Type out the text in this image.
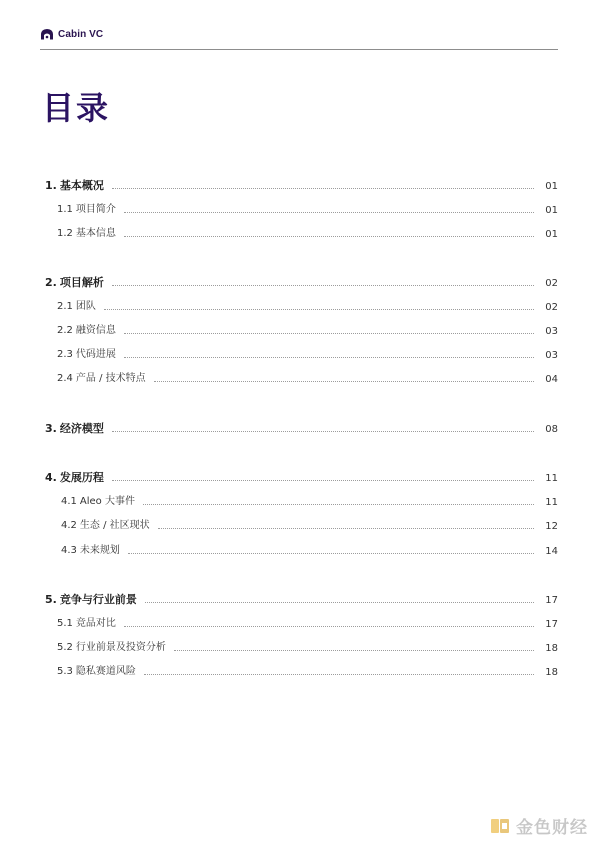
Cabin VC
目录
1. 基本概况	01
1.1 项目简介	01
1.2 基本信息	01
2. 项目解析	02
2.1 团队	02
2.2 融资信息	03
2.3 代码进展	03
2.4 产品 / 技术特点	04
3. 经济模型	08
4. 发展历程	11
4.1 Aleo 大事件	11
4.2 生态 / 社区现状	12
4.3 未来规划	14
5. 竞争与行业前景	17
5.1 竞品对比	17
5.2 行业前景及投资分析	18
5.3 隐私赛道风险	18
金色财经
